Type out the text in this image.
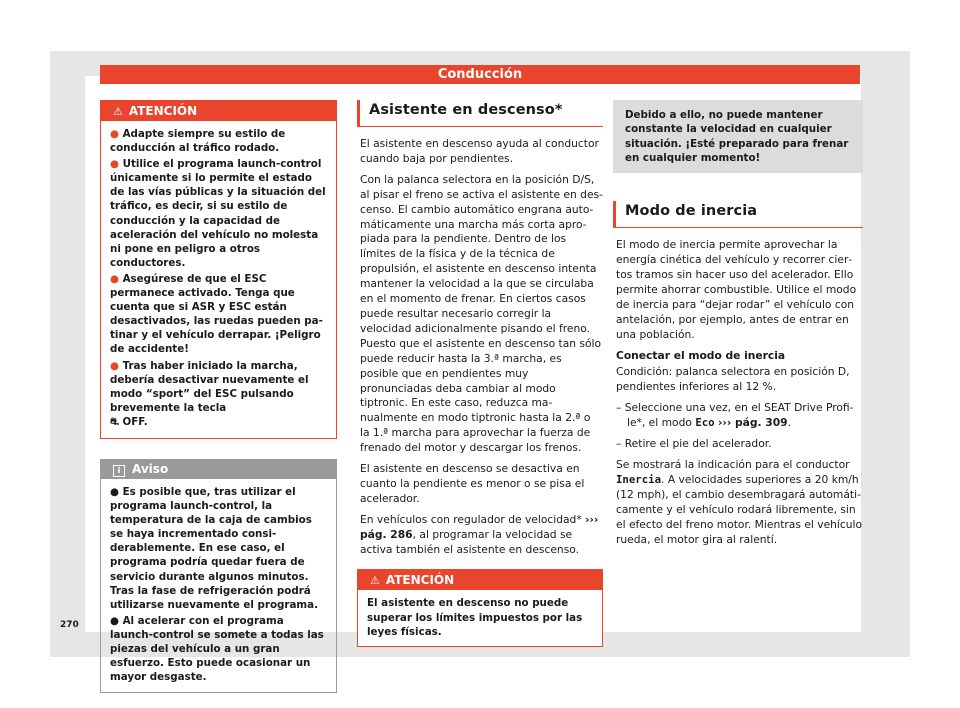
Conducción
⚠ ATENCIÓN

● Adapte siempre su estilo de conducción al tráfico rodado.

● Utilice el programa launch-control únicamente si lo permite el estado de las vías públicas y la situación del tráfico, es decir, si su estilo de conducción y la capacidad de aceleración del vehículo no molesta ni pone en peligro a otros conductores.

● Asegúrese de que el ESC permanece activado. Tenga que cuenta que si ASR y ESC están desactivados, las ruedas pueden patinar y el vehículo derrapar. ¡Peligro de accidente!

● Tras haber iniciado la marcha, debería desactivar nuevamente el modo “sport” del ESC pulsando brevemente la tecla
⛐ OFF.

i Aviso

● Es posible que, tras utilizar el programa launch-control, la temperatura de la caja de cambios se haya incrementado considerablemente. En ese caso, el programa podría quedar fuera de servicio durante algunos minutos. Tras la fase de refrigeración podrá utilizarse nuevamente el programa.

● Al acelerar con el programa launch-control se somete a todas las piezas del vehículo a un gran esfuerzo. Esto puede ocasionar un mayor desgaste.

Asistente en descenso*

El asistente en descenso ayuda al conductor cuando baja por pendientes.

Con la palanca selectora en la posición D/S, al pisar el freno se activa el asistente en descenso. El cambio automático engrana automáticamente una marcha más corta apropiada para la pendiente. Dentro de los límites de la física y de la técnica de propulsión, el asistente en descenso intenta mantener la velocidad a la que se circulaba en el momento de frenar. En ciertos casos puede resultar necesario corregir la velocidad adicionalmente pisando el freno. Puesto que el asistente en descenso tan sólo puede reducir hasta la 3.ª marcha, es posible que en pendientes muy pronunciadas deba cambiar al modo tiptronic. En este caso, reduzca manualmente en modo tiptronic hasta la 2.ª o la 1.ª marcha para aprovechar la fuerza de frenado del motor y descargar los frenos.

El asistente en descenso se desactiva en cuanto la pendiente es menor o se pisa el acelerador.

En vehículos con regulador de velocidad* ››› pág. 286, al programar la velocidad se activa también el asistente en descenso.

⚠ ATENCIÓN
El asistente en descenso no puede superar los límites impuestos por las leyes físicas.
Debido a ello, no puede mantener constante la velocidad en cualquier situación. ¡Esté preparado para frenar en cualquier momento!
Modo de inercia

El modo de inercia permite aprovechar la energía cinética del vehículo y recorrer ciertos tramos sin hacer uso del acelerador. Ello permite ahorrar combustible. Utilice el modo de inercia para “dejar rodar” el vehículo con antelación, por ejemplo, antes de entrar en una población.

Conectar el modo de inercia

Condición: palanca selectora en posición D, pendientes inferiores al 12 %.

– Seleccione una vez, en el SEAT Drive Profile*, el modo Eco ››› pág. 309.

– Retire el pie del acelerador.

Se mostrará la indicación para el conductor Inercia. A velocidades superiores a 20 km/h (12 mph), el cambio desembragará automáticamente y el vehículo rodará libremente, sin el efecto del freno motor. Mientras el vehículo rueda, el motor gira al ralentí.

270
